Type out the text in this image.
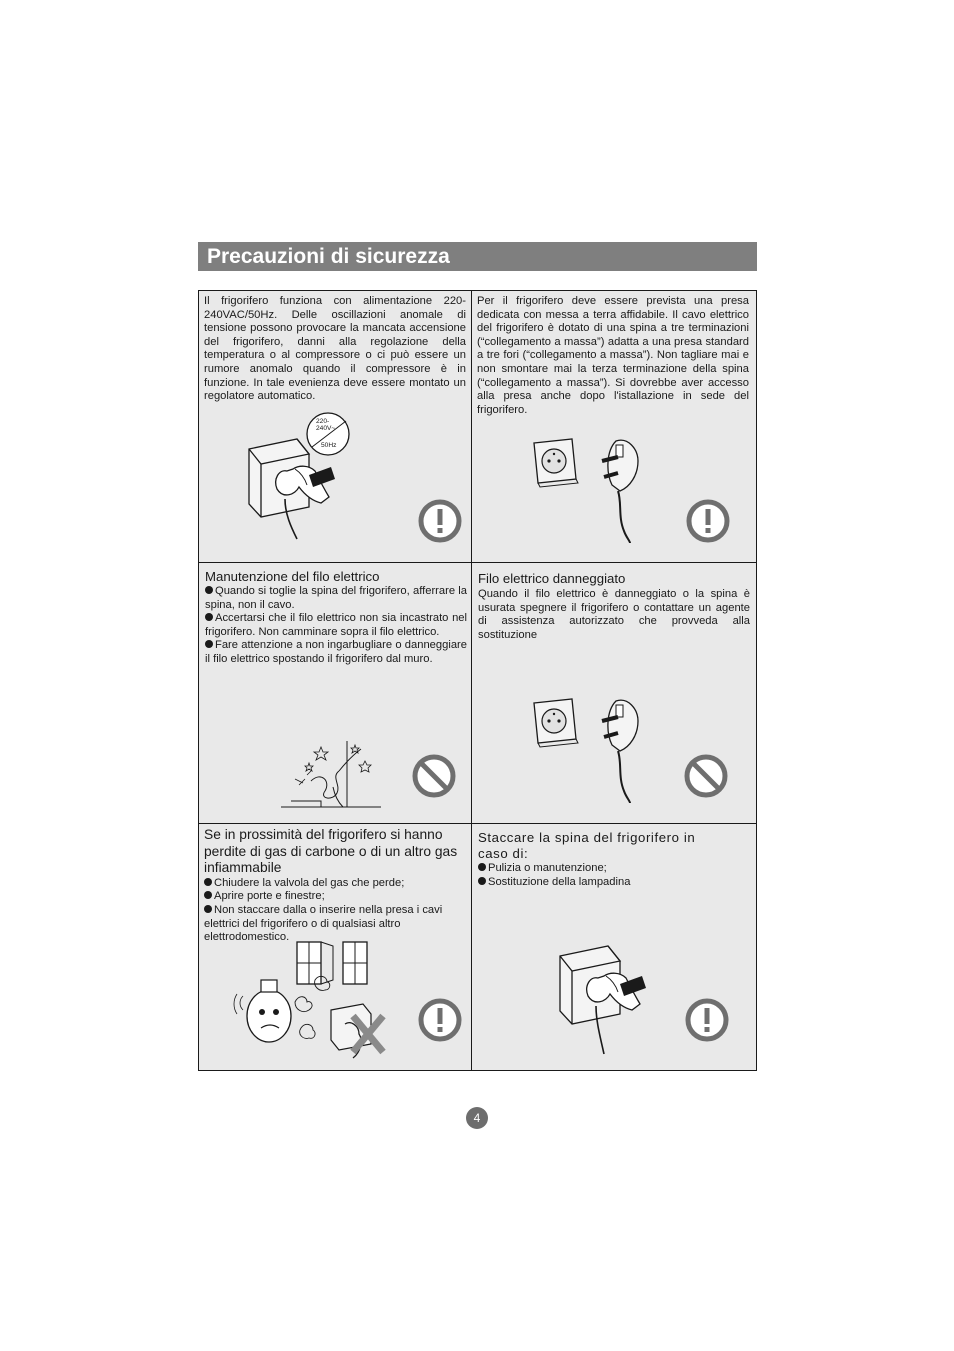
Precauzioni di sicurezza
Il frigorifero funziona con alimentazione 220-240VAC/50Hz. Delle oscillazioni anomale di tensione possono provocare la mancata accensione del frigorifero, danni alla regolazione della temperatura o al compressore o ci può essere un rumore anomalo quando il compressore è in funzione. In tale evenienza deve essere montato un regolatore automatico.
220-
240V~
50Hz
Per il frigorifero deve essere prevista una presa dedicata con messa a terra affidabile. Il cavo elettrico del frigorifero è dotato di una spina a tre terminazioni (“collegamento a massa”) adatta a una presa standard a tre fori (“collegamento a massa”). Non tagliare mai e non smontare mai la terza terminazione della spina (“collegamento a massa”). Si dovrebbe aver accesso alla presa anche dopo l'istallazione in sede del frigorifero.

Manutenzione del filo elettrico

Quando si toglie la spina del frigorifero, afferrare la spina, non il cavo.

Accertarsi che il filo elettrico non sia incastrato nel frigorifero. Non camminare sopra il filo elettrico.

Fare attenzione a non ingarbugliare o danneggiare il filo elettrico spostando il frigorifero dal muro.

Filo elettrico danneggiato

Quando il filo elettrico è danneggiato o la spina è usurata spegnere il frigorifero o contattare un agente di assistenza autorizzato che provveda alla sostituzione

Se in prossimità del frigorifero si hanno perdite di gas di carbone o di un altro gas infiammabile

Chiudere la valvola del gas che perde;

Aprire porte e finestre;

Non staccare dalla o inserire nella presa i cavi elettrici del frigorifero o di qualsiasi altro elettrodomestico.

Staccare la spina del frigorifero in caso di:

Pulizia o manutenzione;

Sostituzione della lampadina

4
